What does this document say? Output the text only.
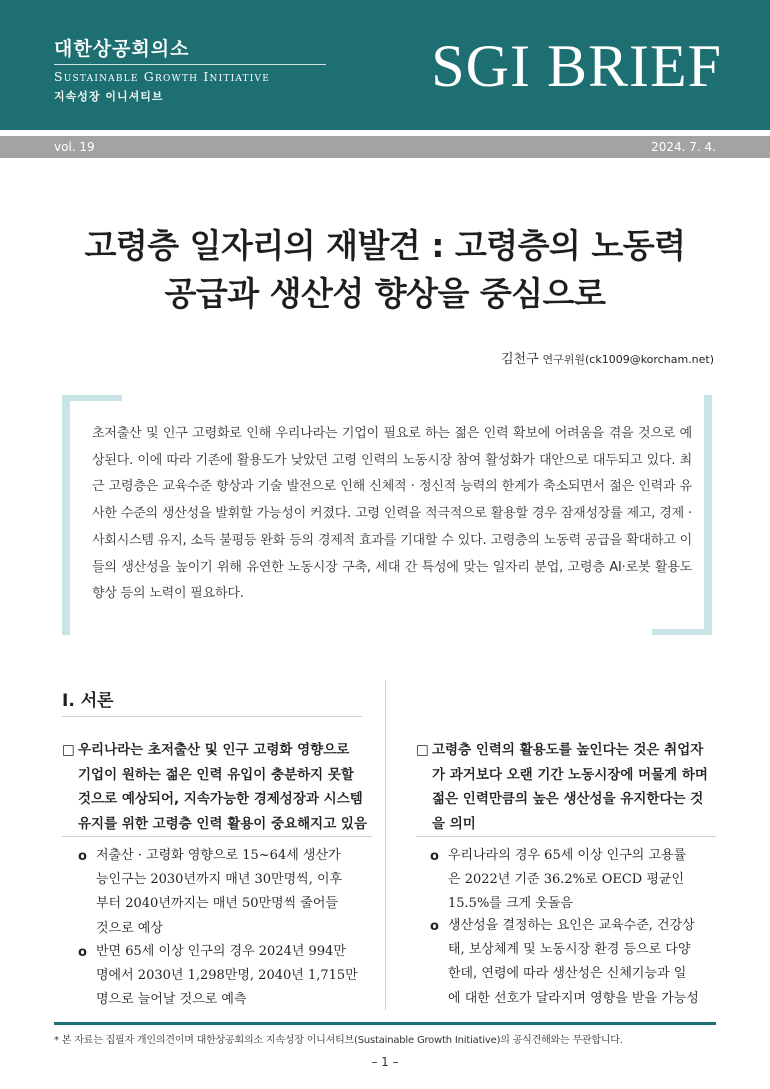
대한상공회의소
Sustainable Growth Initiative
지속성장 이니셔티브	SGI BRIEF
vol. 19	2024. 7. 4.
고령층 일자리의 재발견 : 고령층의 노동력
공급과 생산성 향상을 중심으로
김천구 연구위원(ck1009@korcham.net)

초저출산 및 인구 고령화로 인해 우리나라는 기업이 필요로 하는 젊은 인력 확보에 어려움을 겪을 것으로 예상된다. 이에 따라 기존에 활용도가 낮았던 고령 인력의 노동시장 참여 활성화가 대안으로 대두되고 있다. 최근 고령층은 교육수준 향상과 기술 발전으로 인해 신체적 · 정신적 능력의 한계가 축소되면서 젊은 인력과 유사한 수준의 생산성을 발휘할 가능성이 커졌다. 고령 인력을 적극적으로 활용할 경우 잠재성장률 제고, 경제 · 사회시스템 유지, 소득 불평등 완화 등의 경제적 효과를 기대할 수 있다. 고령층의 노동력 공급을 확대하고 이들의 생산성을 높이기 위해 유연한 노동시장 구축, 세대 간 특성에 맞는 일자리 분업, 고령층 AI·로봇 활용도 향상 등의 노력이 필요하다.

Ⅰ. 서론
□ 우리나라는 초저출산 및 인구 고령화 영향으로
기업이 원하는 젊은 인력 유입이 충분하지 못할
것으로 예상되어, 지속가능한 경제성장과 시스템
유지를 위한 고령층 인력 활용이 중요해지고 있음
o 저출산 · 고령화 영향으로 15~64세 생산가
능인구는 2030년까지 매년 30만명씩, 이후
부터 2040년까지는 매년 50만명씩 줄어들
것으로 예상
o 반면 65세 이상 인구의 경우 2024년 994만
명에서 2030년 1,298만명, 2040년 1,715만
명으로 늘어날 것으로 예측
□ 고령층 인력의 활용도를 높인다는 것은 취업자
가 과거보다 오랜 기간 노동시장에 머물게 하며
젊은 인력만큼의 높은 생산성을 유지한다는 것
을 의미
o 우리나라의 경우 65세 이상 인구의 고용률
은 2022년 기준 36.2%로 OECD 평균인
15.5%를 크게 웃돌음
o 생산성을 결정하는 요인은 교육수준, 건강상
태, 보상체계 및 노동시장 환경 등으로 다양
한데, 연령에 따라 생산성은 신체기능과 일
에 대한 선호가 달라지며 영향을 받을 가능성
* 본 자료는 집필자 개인의견이며 대한상공회의소 지속성장 이니셔티브(Sustainable Growth Initiative)의 공식견해와는 무관합니다.
– 1 –
